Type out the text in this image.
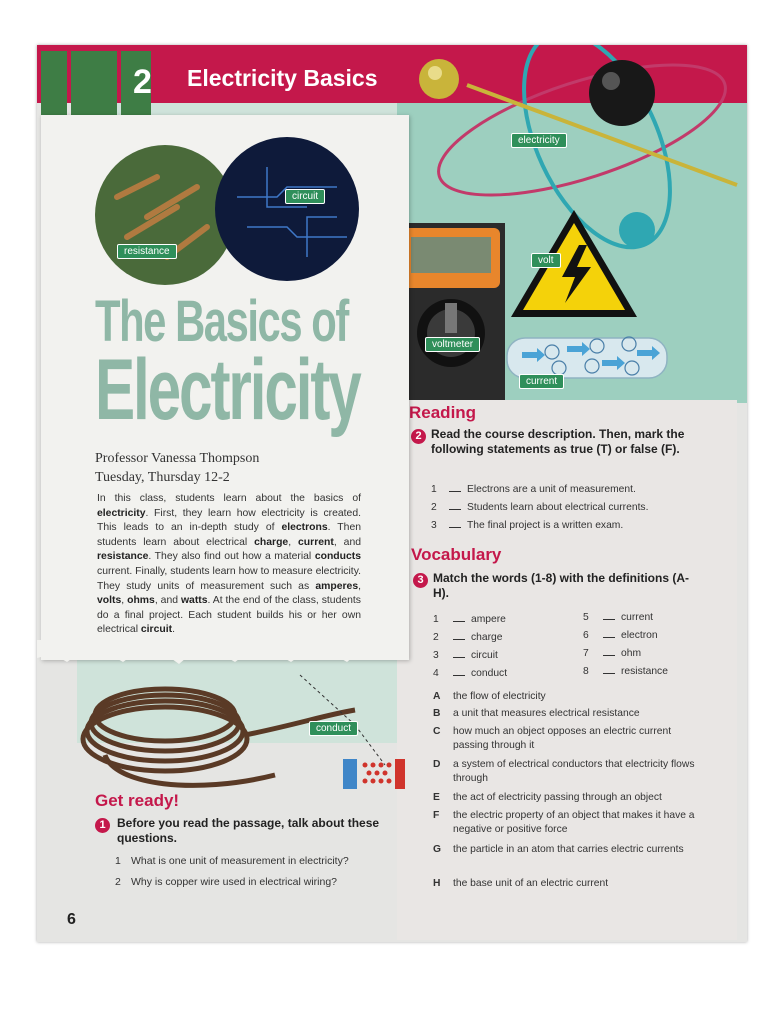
2 Electricity Basics
electricity
volt
voltmeter
current
Reading
2 Read the course description. Then, mark the following statements as true (T) or false (F).
1	Electrons are a unit of measurement.
2	Students learn about electrical currents.
3	The final project is a written exam.
Vocabulary
3 Match the words (1-8) with the definitions (A-H).
1	ampere
2	charge
3	circuit
4	conduct
5	current
6	electron
7	ohm
8	resistance
A the flow of electricity
B a unit that measures electrical resistance
C how much an object opposes an electric current passing through it
D a system of electrical conductors that electricity flows through
E the act of electricity passing through an object
F the electric property of an object that makes it have a negative or positive force
G the particle in an atom that carries electric currents
H the base unit of an electric current
circuit
resistance
The Basics of
Electricity
Professor Vanessa Thompson
Tuesday, Thursday 12-2
In this class, students learn about the basics of electricity. First, they learn how electricity is created. This leads to an in-depth study of electrons. Then students learn about electrical charge, current, and resistance. They also find out how a material conducts current. Finally, students learn how to measure electricity. They study units of measurement such as amperes, volts, ohms, and watts. At the end of the class, students do a final project. Each student builds his or her own electrical circuit.
conduct
Get ready!
1 Before you read the passage, talk about these questions.
1 What is one unit of measurement in electricity?
2 Why is copper wire used in electrical wiring?
6
